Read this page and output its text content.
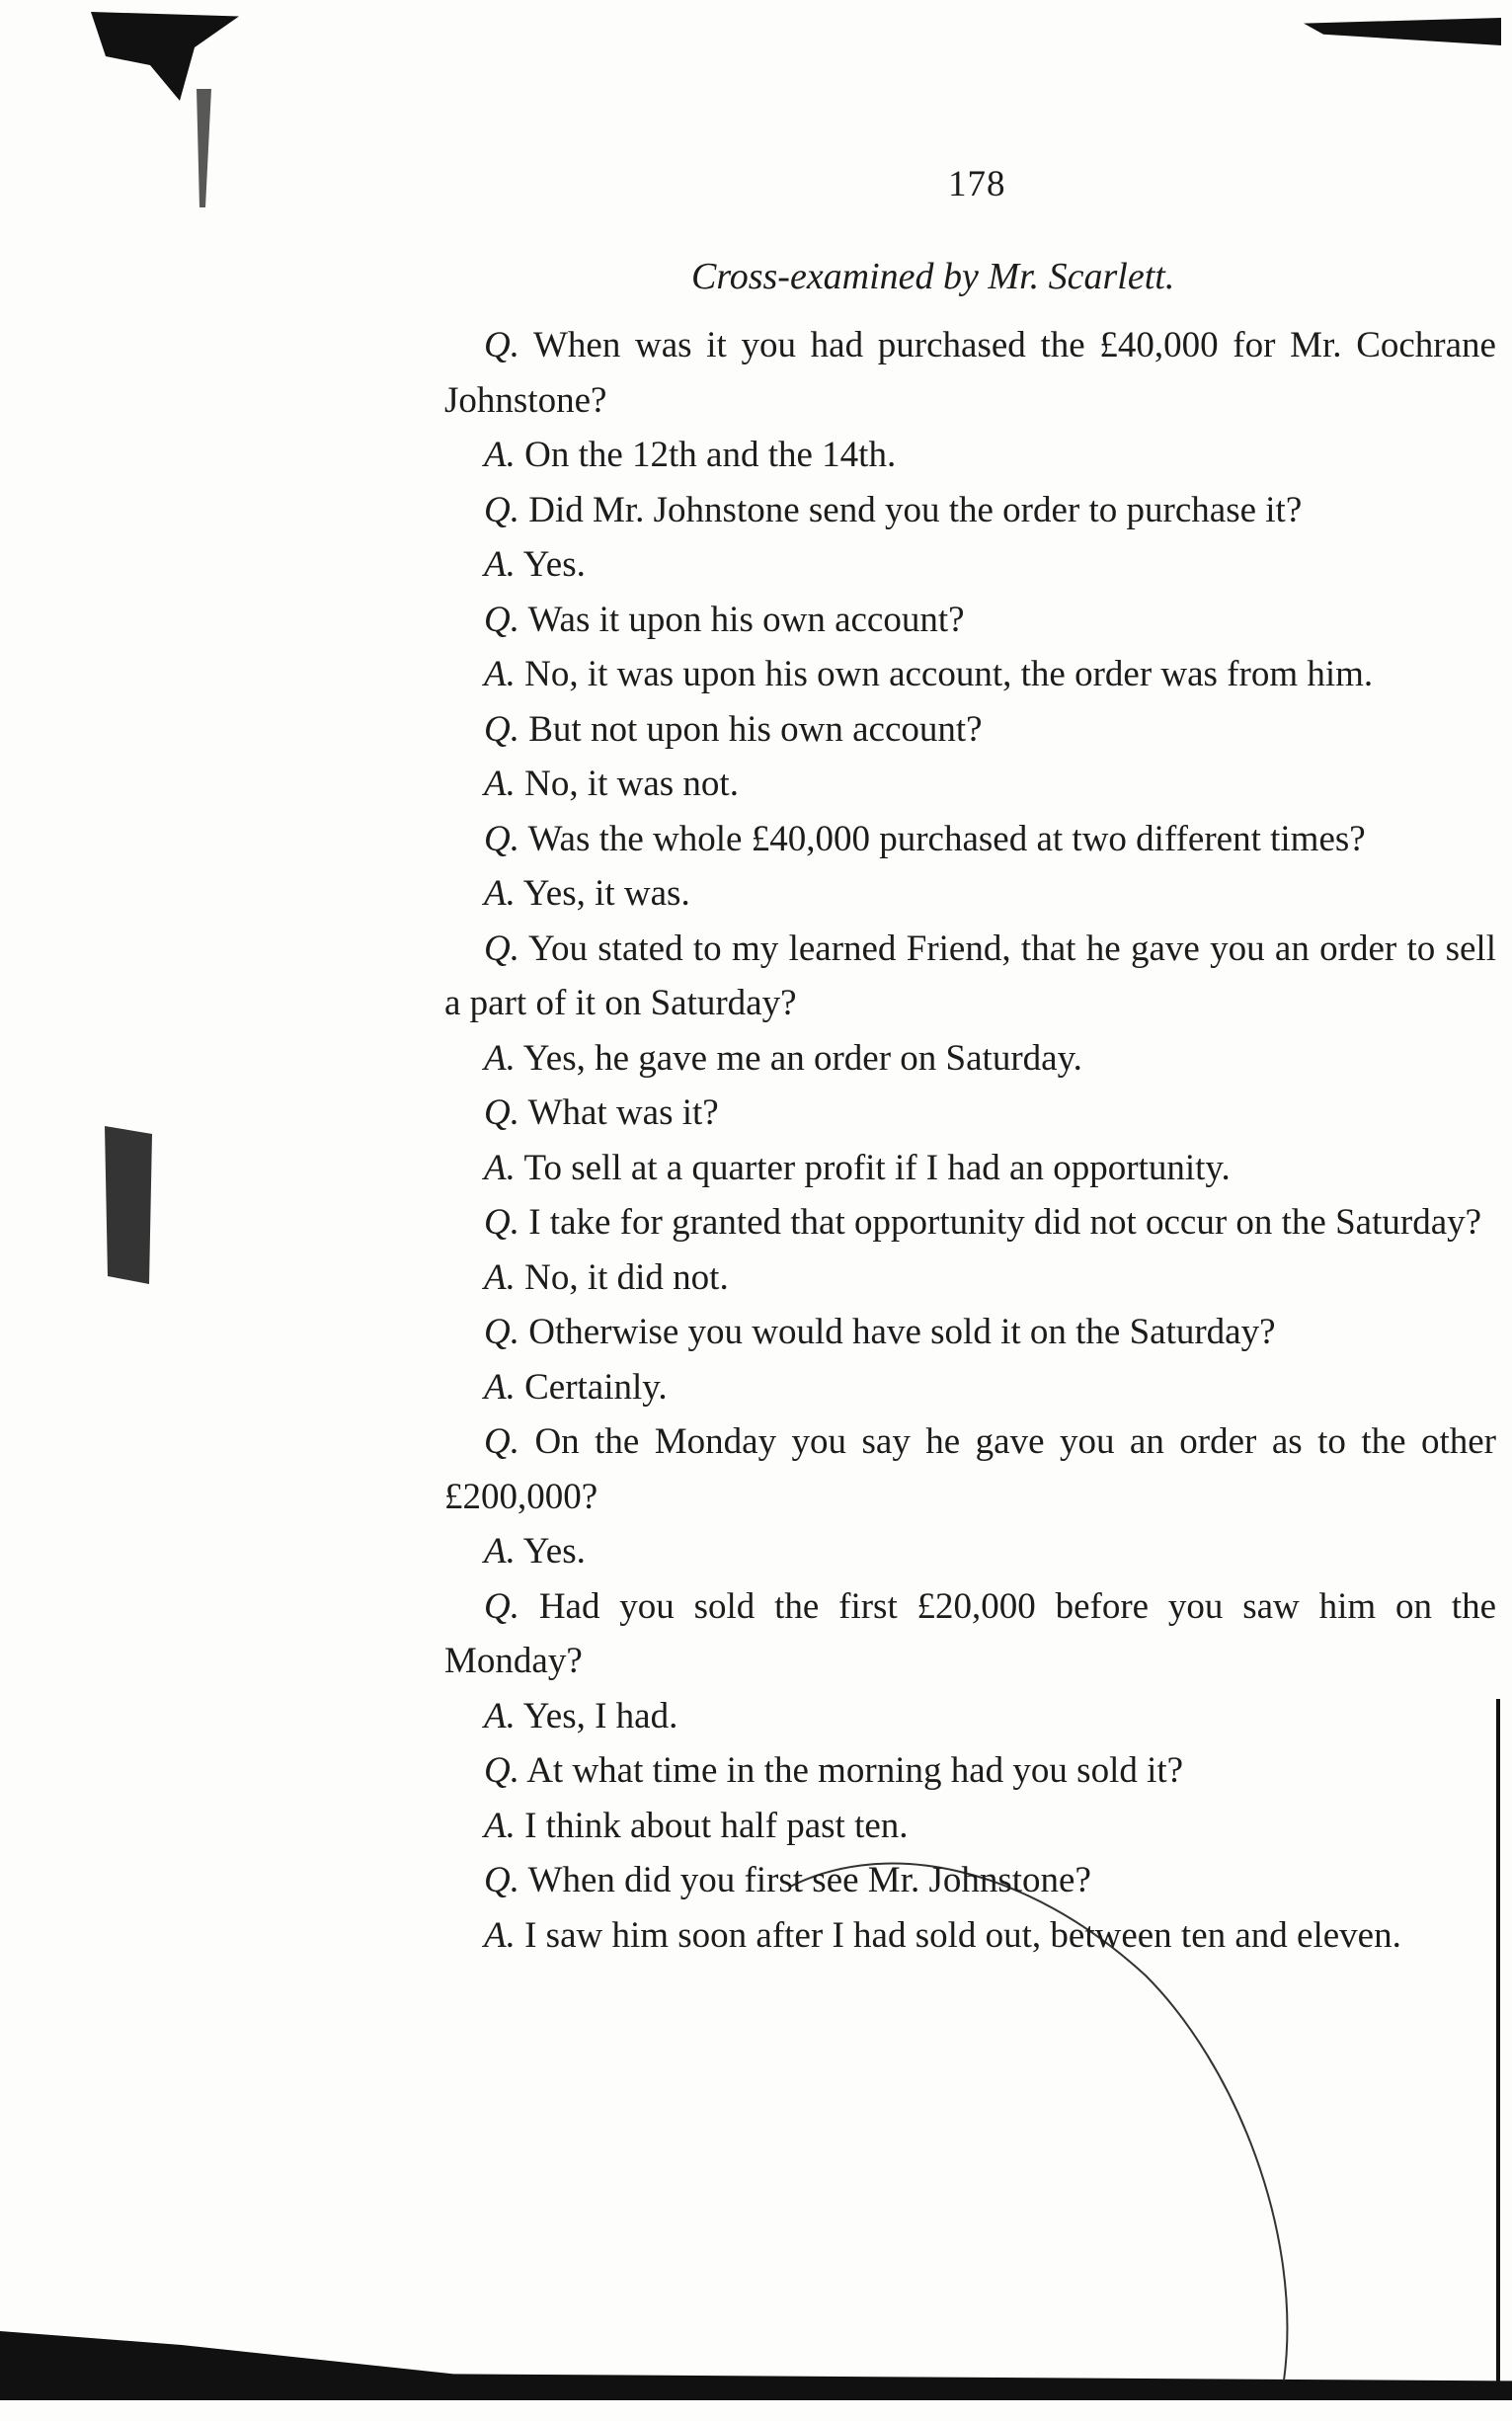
178
Cross-examined by Mr. Scarlett.

Q. When was it you had purchased the £40,000 for Mr. Cochrane Johnstone?

A. On the 12th and the 14th.

Q. Did Mr. Johnstone send you the order to purchase it?

A. Yes.

Q. Was it upon his own account?

A. No, it was upon his own account, the order was from him.

Q. But not upon his own account?

A. No, it was not.

Q. Was the whole £40,000 purchased at two different times?

A. Yes, it was.

Q. You stated to my learned Friend, that he gave you an order to sell a part of it on Saturday?

A. Yes, he gave me an order on Saturday.

Q. What was it?

A. To sell at a quarter profit if I had an opportunity.

Q. I take for granted that opportunity did not occur on the Saturday?

A. No, it did not.

Q. Otherwise you would have sold it on the Saturday?

A. Certainly.

Q. On the Monday you say he gave you an order as to the other £200,000?

A. Yes.

Q. Had you sold the first £20,000 before you saw him on the Monday?

A. Yes, I had.

Q. At what time in the morning had you sold it?

A. I think about half past ten.

Q. When did you first see Mr. Johnstone?

A. I saw him soon after I had sold out, between ten and eleven.
